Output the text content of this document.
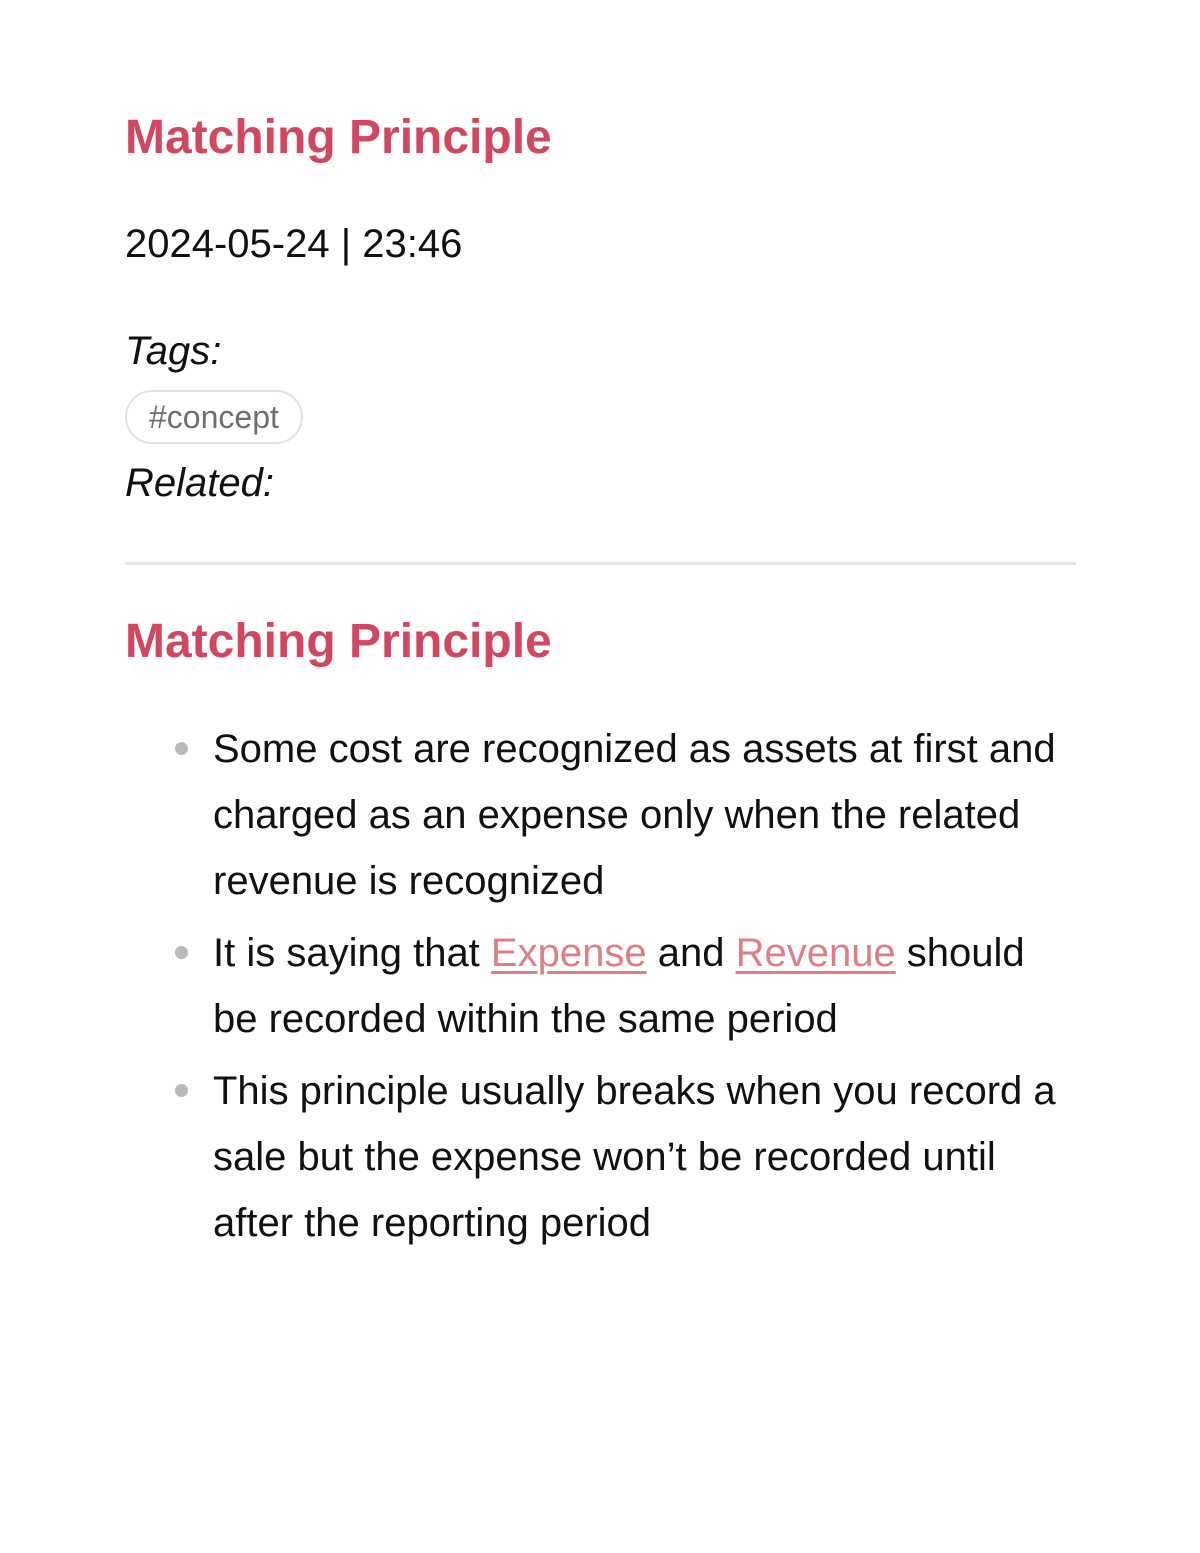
Matching Principle
2024-05-24 | 23:46
Tags:
#concept
Related:
Matching Principle
Some cost are recognized as assets at first and charged as an expense only when the related revenue is recognized
It is saying that Expense and Revenue should be recorded within the same period
This principle usually breaks when you record a sale but the expense won’t be recorded until after the reporting period
